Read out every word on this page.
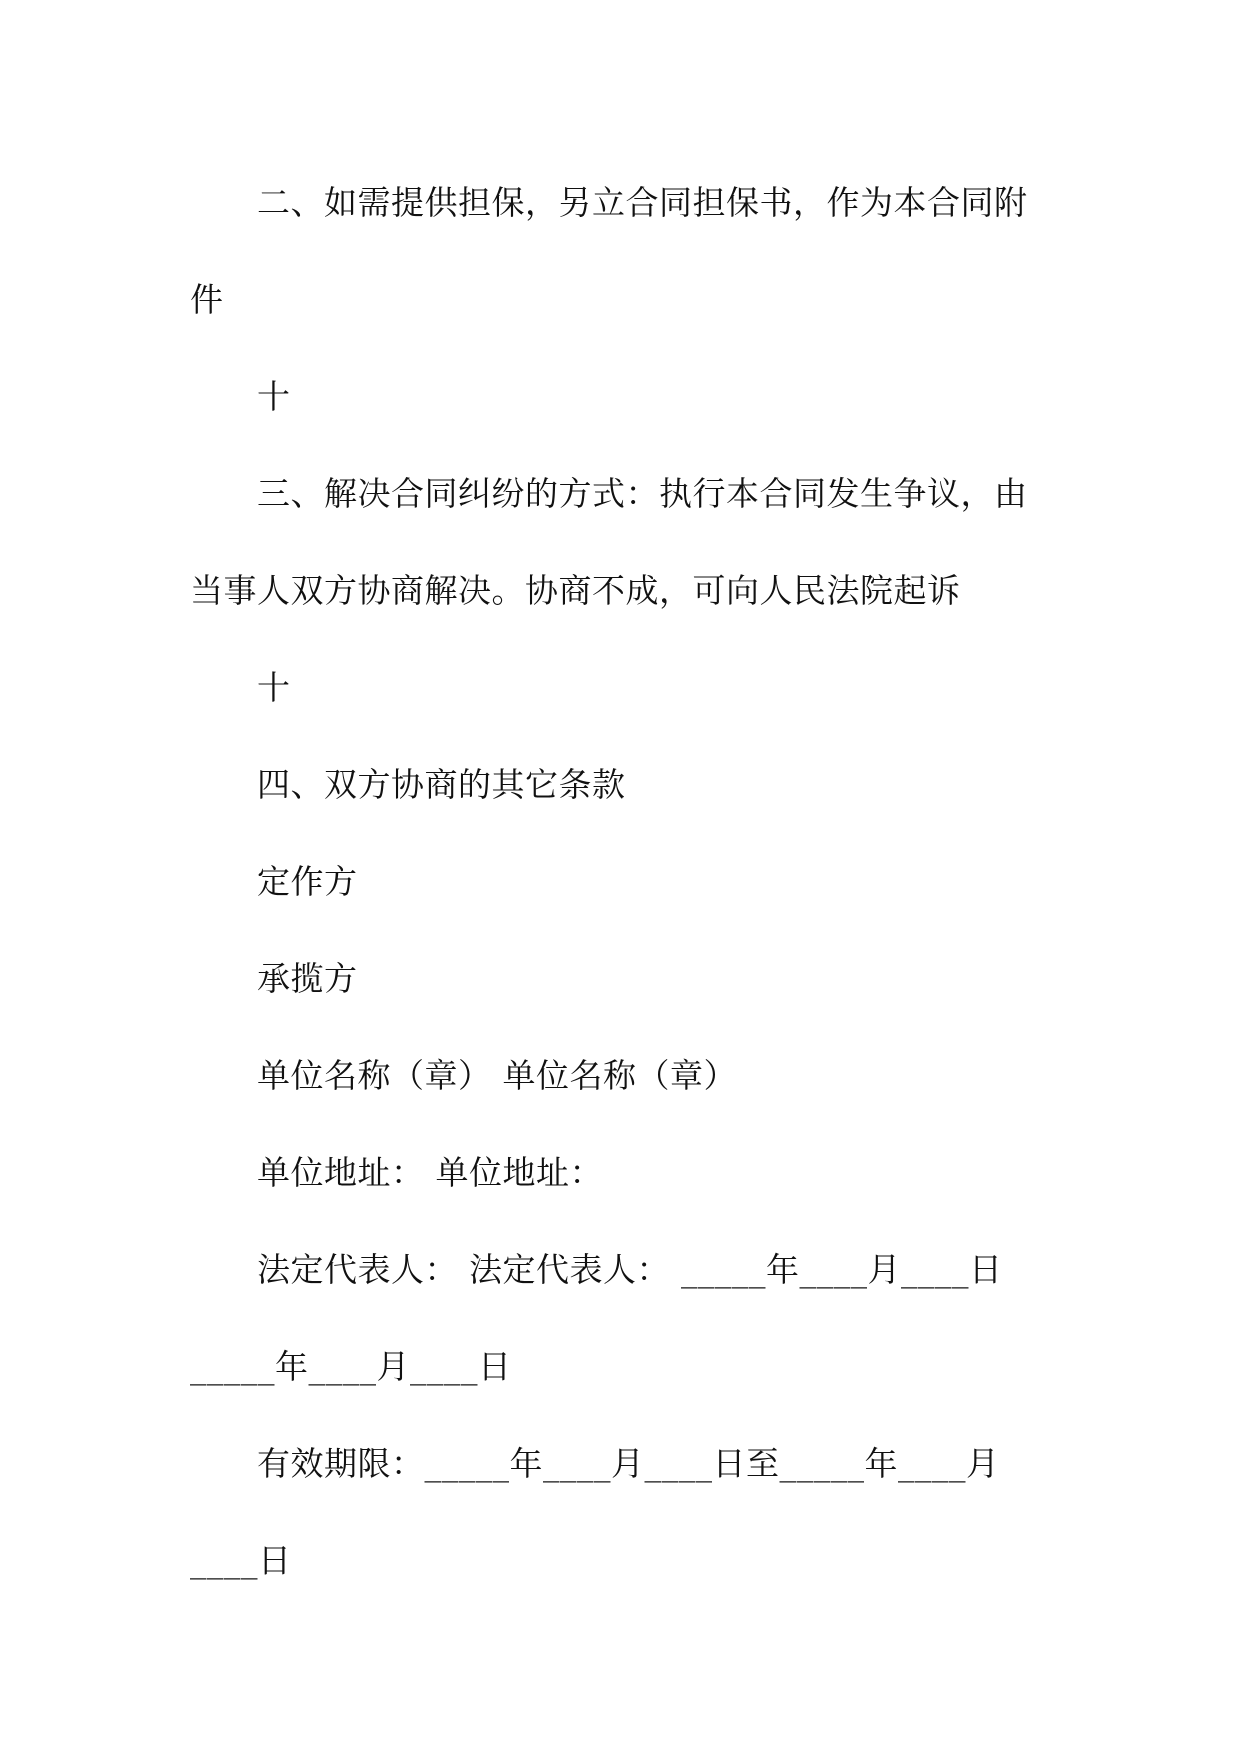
二、如需提供担保，另立合同担保书，作为本合同附
件
十
三、解决合同纠纷的方式：执行本合同发生争议，由
当事人双方协商解决。协商不成，可向人民法院起诉
十
四、双方协商的其它条款
定作方
承揽方
单位名称（章） 单位名称（章）
单位地址： 单位地址：
法定代表人： 法定代表人： _____年____月____日
_____年____月____日
有效期限：_____年____月____日至_____年____月
____日
